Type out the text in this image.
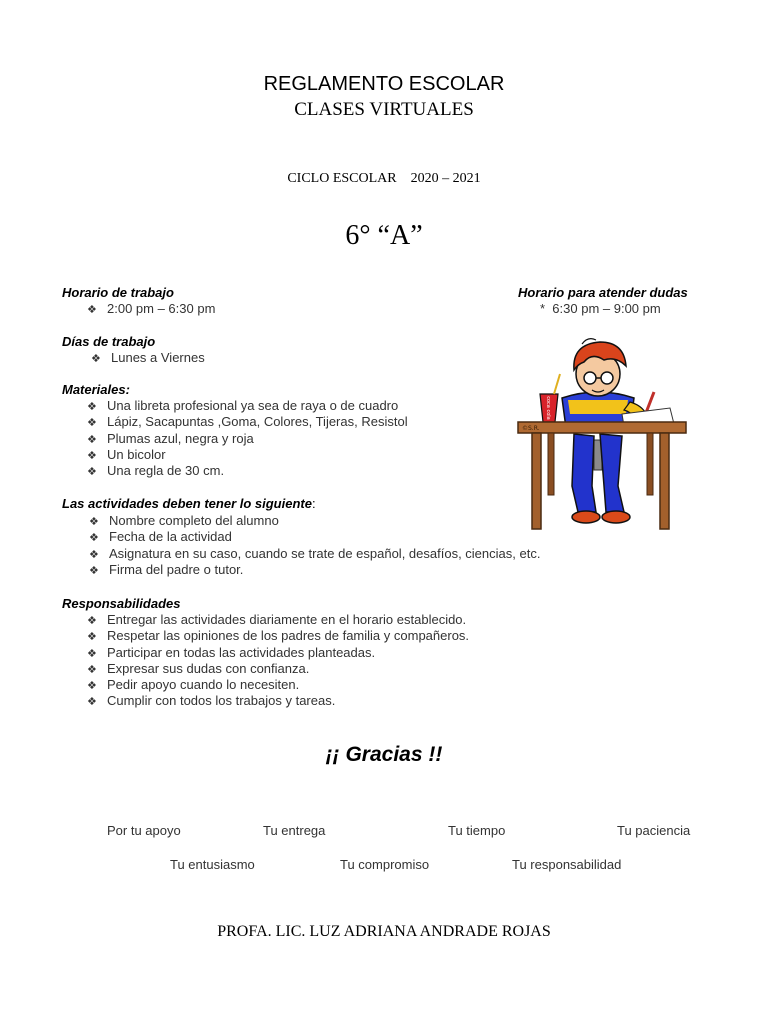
REGLAMENTO ESCOLAR
CLASES VIRTUALES
CICLO ESCOLAR 2020 – 2021
6° “A”
Horario de trabajo
❖ 2:00 pm – 6:30 pm
Horario para atender dudas
* 6:30 pm – 9:00 pm
Días de trabajo
❖ Lunes a Viernes
Materiales:
❖ Una libreta profesional ya sea de raya o de cuadro
❖ Lápiz, Sacapuntas ,Goma, Colores, Tijeras, Resistol
❖ Plumas azul, negra y roja
❖ Un bicolor
❖ Una regla de 30 cm.
Las actividades deben tener lo siguiente:
❖ Nombre completo del alumno
❖ Fecha de la actividad
❖ Asignatura en su caso, cuando se trate de español, desafíos, ciencias, etc.
❖ Firma del padre o tutor.
Responsabilidades
❖ Entregar las actividades diariamente en el horario establecido.
❖ Respetar las opiniones de los padres de familia y compañeros.
❖ Participar en todas las actividades planteadas.
❖ Expresar sus dudas con confianza.
❖ Pedir apoyo cuando lo necesiten.
❖ Cumplir con todos los trabajos y tareas.
coca cola
©S.R.
¡¡ Gracias !!
Por tu apoyo	Tu entrega	Tu tiempo	Tu paciencia
Tu entusiasmo	Tu compromiso	Tu responsabilidad
PROFA. LIC. LUZ ADRIANA ANDRADE ROJAS
